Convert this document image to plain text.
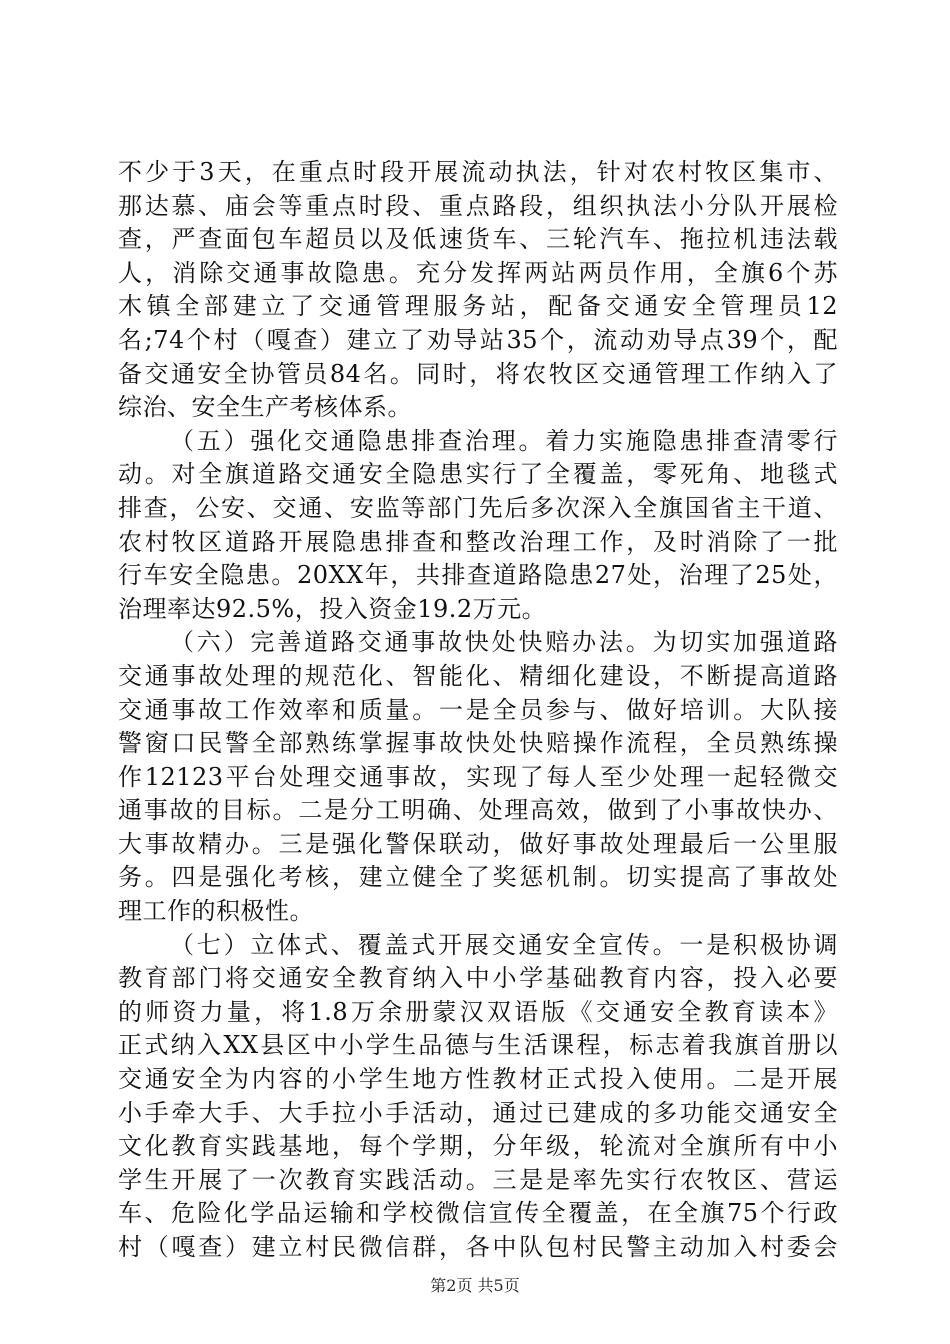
不少于3天，在重点时段开展流动执法，针对农村牧区集市、
那达慕、庙会等重点时段、重点路段，组织执法小分队开展检
查，严查面包车超员以及低速货车、三轮汽车、拖拉机违法载
人，消除交通事故隐患。充分发挥两站两员作用，全旗6个苏
木镇全部建立了交通管理服务站，配备交通安全管理员12
名;74个村（嘎查）建立了劝导站35个，流动劝导点39个，配
备交通安全协管员84名。同时，将农牧区交通管理工作纳入了
综治、安全生产考核体系。
（五）强化交通隐患排查治理。着力实施隐患排查清零行
动。对全旗道路交通安全隐患实行了全覆盖，零死角、地毯式
排查，公安、交通、安监等部门先后多次深入全旗国省主干道、
农村牧区道路开展隐患排查和整改治理工作，及时消除了一批
行车安全隐患。20XX年，共排查道路隐患27处，治理了25处，
治理率达92.5%，投入资金19.2万元。
（六）完善道路交通事故快处快赔办法。为切实加强道路
交通事故处理的规范化、智能化、精细化建设，不断提高道路
交通事故工作效率和质量。一是全员参与、做好培训。大队接
警窗口民警全部熟练掌握事故快处快赔操作流程，全员熟练操
作12123平台处理交通事故，实现了每人至少处理一起轻微交
通事故的目标。二是分工明确、处理高效，做到了小事故快办、
大事故精办。三是强化警保联动，做好事故处理最后一公里服
务。四是强化考核，建立健全了奖惩机制。切实提高了事故处
理工作的积极性。
（七）立体式、覆盖式开展交通安全宣传。一是积极协调
教育部门将交通安全教育纳入中小学基础教育内容，投入必要
的师资力量，将1.8万余册蒙汉双语版《交通安全教育读本》
正式纳入XX县区中小学生品德与生活课程，标志着我旗首册以
交通安全为内容的小学生地方性教材正式投入使用。二是开展
小手牵大手、大手拉小手活动，通过已建成的多功能交通安全
文化教育实践基地，每个学期，分年级，轮流对全旗所有中小
学生开展了一次教育实践活动。三是是率先实行农牧区、营运
车、危险化学品运输和学校微信宣传全覆盖，在全旗75个行政
村（嘎查）建立村民微信群，各中队包村民警主动加入村委会
第2页 共5页
